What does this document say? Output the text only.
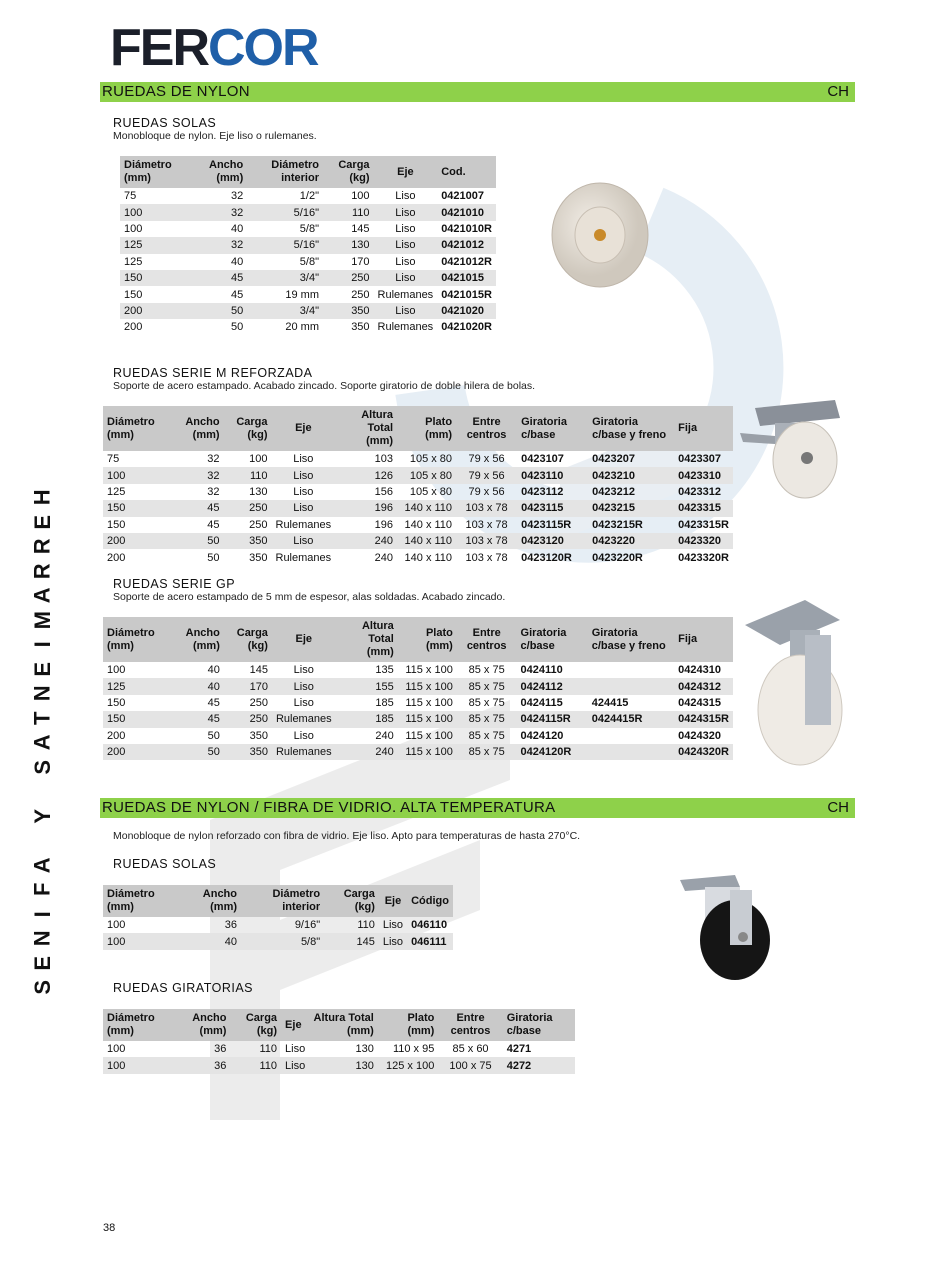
FERCOR
H
E
R
R
A
M
I
E
N
T
A
S
Y
A
F
I
N
E
S
RUEDAS DE NYLON	CH
RUEDAS SOLAS
Monobloque de nylon. Eje liso o rulemanes.
Diámetro (mm)	Ancho (mm)	Diámetro interior	Carga (kg)	Eje	Cod.
75	32	1/2"	100	Liso	0421007
100	32	5/16"	110	Liso	0421010
100	40	5/8"	145	Liso	0421010R
125	32	5/16"	130	Liso	0421012
125	40	5/8"	170	Liso	0421012R
150	45	3/4"	250	Liso	0421015
150	45	19 mm	250	Rulemanes	0421015R
200	50	3/4"	350	Liso	0421020
200	50	20 mm	350	Rulemanes	0421020R
RUEDAS SERIE M REFORZADA
Soporte de acero estampado. Acabado zincado. Soporte giratorio de doble hilera de bolas.
Diámetro (mm)	Ancho (mm)	Carga (kg)	Eje	Altura Total (mm)	Plato (mm)	Entre centros	Giratoria c/base	Giratoria c/base y freno	Fija
75	32	100	Liso	103	105 x 80	79 x 56	0423107	0423207	0423307
100	32	110	Liso	126	105 x 80	79 x 56	0423110	0423210	0423310
125	32	130	Liso	156	105 x 80	79 x 56	0423112	0423212	0423312
150	45	250	Liso	196	140 x 110	103 x 78	0423115	0423215	0423315
150	45	250	Rulemanes	196	140 x 110	103 x 78	0423115R	0423215R	0423315R
200	50	350	Liso	240	140 x 110	103 x 78	0423120	0423220	0423320
200	50	350	Rulemanes	240	140 x 110	103 x 78	0423120R	0423220R	0423320R
RUEDAS SERIE GP
Soporte de acero estampado de 5 mm de espesor, alas soldadas. Acabado zincado.
Diámetro (mm)	Ancho (mm)	Carga (kg)	Eje	Altura Total (mm)	Plato (mm)	Entre centros	Giratoria c/base	Giratoria c/base y freno	Fija
100	40	145	Liso	135	115 x 100	85 x 75	0424110		0424310
125	40	170	Liso	155	115 x 100	85 x 75	0424112		0424312
150	45	250	Liso	185	115 x 100	85 x 75	0424115	424415	0424315
150	45	250	Rulemanes	185	115 x 100	85 x 75	0424115R	0424415R	0424315R
200	50	350	Liso	240	115 x 100	85 x 75	0424120		0424320
200	50	350	Rulemanes	240	115 x 100	85 x 75	0424120R		0424320R
RUEDAS DE NYLON / FIBRA DE VIDRIO. ALTA TEMPERATURA	CH
Monobloque de nylon reforzado con fibra de vidrio. Eje liso. Apto para temperaturas de hasta 270°C.
RUEDAS SOLAS
Diámetro (mm)	Ancho (mm)	Diámetro interior	Carga (kg)	Eje	Código
100	36	9/16"	110	Liso	046110
100	40	5/8"	145	Liso	046111
RUEDAS GIRATORIAS
Diámetro (mm)	Ancho (mm)	Carga (kg)	Eje	Altura Total (mm)	Plato (mm)	Entre centros	Giratoria c/base
100	36	110	Liso	130	110 x 95	85 x 60	4271
100	36	110	Liso	130	125 x 100	100 x 75	4272
38
